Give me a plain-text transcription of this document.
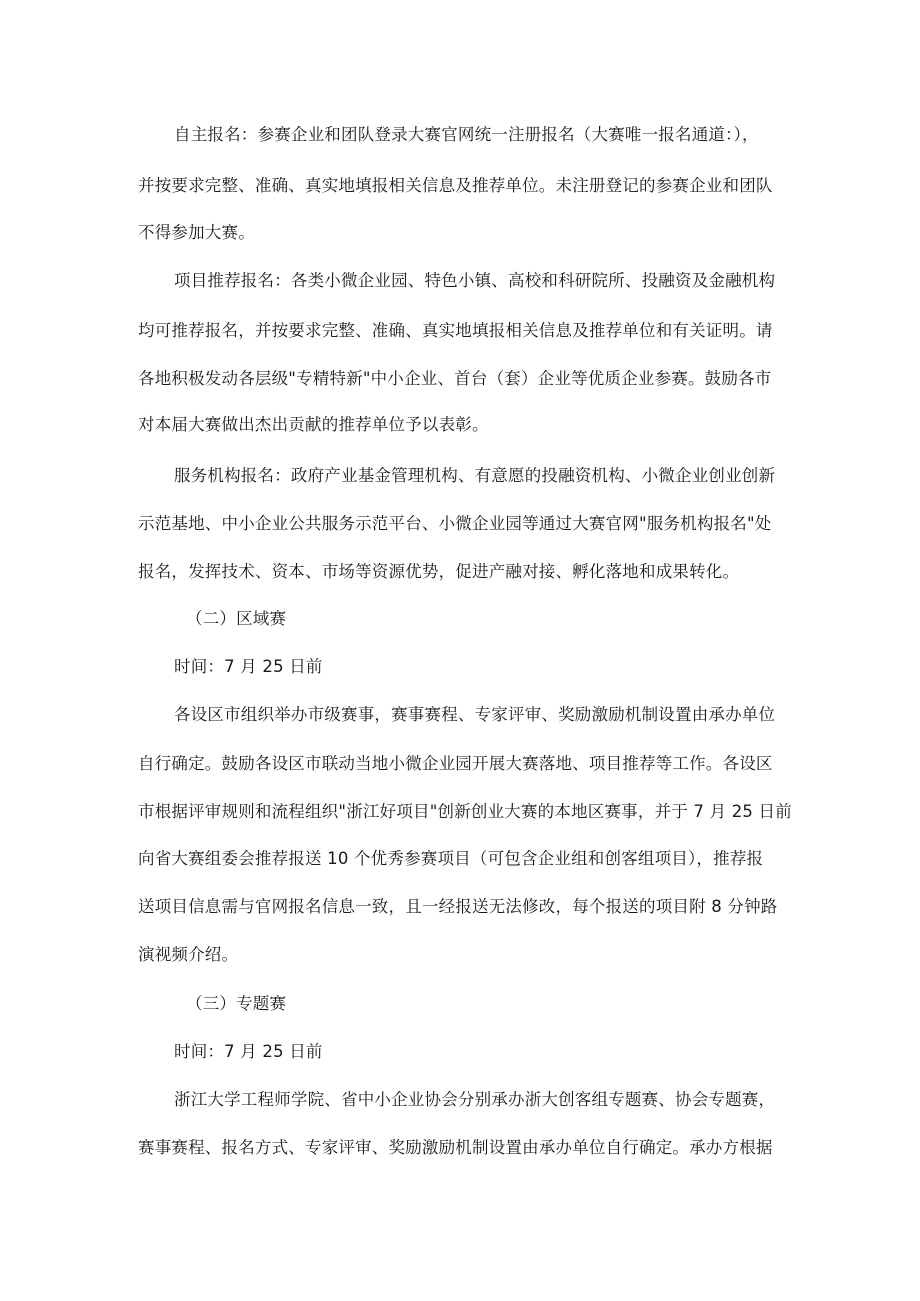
自主报名：参赛企业和团队登录大赛官网统一注册报名（大赛唯一报名通道：），
并按要求完整、准确、真实地填报相关信息及推荐单位。未注册登记的参赛企业和团队
不得参加大赛。
项目推荐报名：各类小微企业园、特色小镇、高校和科研院所、投融资及金融机构
均可推荐报名，并按要求完整、准确、真实地填报相关信息及推荐单位和有关证明。请
各地积极发动各层级"专精特新"中小企业、首台（套）企业等优质企业参赛。鼓励各市
对本届大赛做出杰出贡献的推荐单位予以表彰。
服务机构报名：政府产业基金管理机构、有意愿的投融资机构、小微企业创业创新
示范基地、中小企业公共服务示范平台、小微企业园等通过大赛官网"服务机构报名"处
报名，发挥技术、资本、市场等资源优势，促进产融对接、孵化落地和成果转化。
（二）区域赛
时间：7 月 25 日前
各设区市组织举办市级赛事，赛事赛程、专家评审、奖励激励机制设置由承办单位
自行确定。鼓励各设区市联动当地小微企业园开展大赛落地、项目推荐等工作。各设区
市根据评审规则和流程组织"浙江好项目"创新创业大赛的本地区赛事，并于 7 月 25 日前
向省大赛组委会推荐报送 10 个优秀参赛项目（可包含企业组和创客组项目），推荐报
送项目信息需与官网报名信息一致，且一经报送无法修改，每个报送的项目附 8 分钟路
演视频介绍。
（三）专题赛
时间：7 月 25 日前
浙江大学工程师学院、省中小企业协会分别承办浙大创客组专题赛、协会专题赛，
赛事赛程、报名方式、专家评审、奖励激励机制设置由承办单位自行确定。承办方根据
